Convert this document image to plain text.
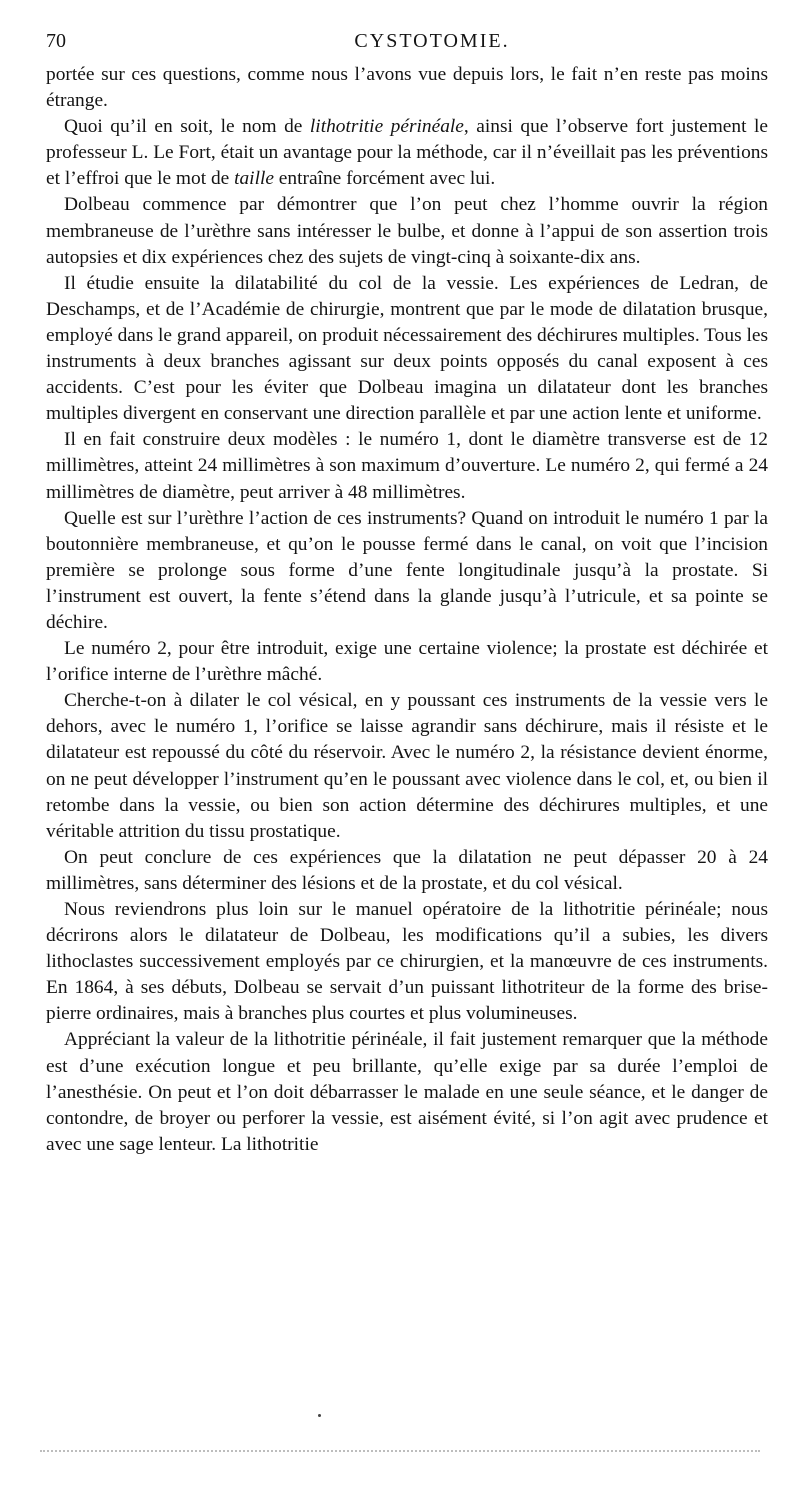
70	CYSTOTOMIE.

portée sur ces questions, comme nous l’avons vue depuis lors, le fait n’en reste pas moins étrange.

Quoi qu’il en soit, le nom de lithotritie périnéale, ainsi que l’observe fort justement le professeur L. Le Fort, était un avantage pour la méthode, car il n’éveillait pas les préventions et l’effroi que le mot de taille entraîne forcément avec lui.

Dolbeau commence par démontrer que l’on peut chez l’homme ouvrir la région membraneuse de l’urèthre sans intéresser le bulbe, et donne à l’appui de son assertion trois autopsies et dix expériences chez des sujets de vingt-cinq à soixante-dix ans.

Il étudie ensuite la dilatabilité du col de la vessie. Les expériences de Ledran, de Deschamps, et de l’Académie de chirurgie, montrent que par le mode de dilatation brusque, employé dans le grand appareil, on produit nécessairement des déchirures multiples. Tous les instruments à deux branches agissant sur deux points opposés du canal exposent à ces accidents. C’est pour les éviter que Dolbeau imagina un dilatateur dont les branches multiples divergent en conservant une direction parallèle et par une action lente et uniforme.

Il en fait construire deux modèles : le numéro 1, dont le diamètre transverse est de 12 millimètres, atteint 24 millimètres à son maximum d’ouverture. Le numéro 2, qui fermé a 24 millimètres de diamètre, peut arriver à 48 millimètres.

Quelle est sur l’urèthre l’action de ces instruments? Quand on introduit le numéro 1 par la boutonnière membraneuse, et qu’on le pousse fermé dans le canal, on voit que l’incision première se prolonge sous forme d’une fente longitudinale jusqu’à la prostate. Si l’instrument est ouvert, la fente s’étend dans la glande jusqu’à l’utricule, et sa pointe se déchire.

Le numéro 2, pour être introduit, exige une certaine violence; la prostate est déchirée et l’orifice interne de l’urèthre mâché.

Cherche-t-on à dilater le col vésical, en y poussant ces instruments de la vessie vers le dehors, avec le numéro 1, l’orifice se laisse agrandir sans déchirure, mais il résiste et le dilatateur est repoussé du côté du réservoir. Avec le numéro 2, la résistance devient énorme, on ne peut développer l’instrument qu’en le poussant avec violence dans le col, et, ou bien il retombe dans la vessie, ou bien son action détermine des déchirures multiples, et une véritable attrition du tissu prostatique.

On peut conclure de ces expériences que la dilatation ne peut dépasser 20 à 24 millimètres, sans déterminer des lésions et de la prostate, et du col vésical.

Nous reviendrons plus loin sur le manuel opératoire de la lithotritie périnéale; nous décrirons alors le dilatateur de Dolbeau, les modifications qu’il a subies, les divers lithoclastes successivement employés par ce chirurgien, et la manœuvre de ces instruments. En 1864, à ses débuts, Dolbeau se servait d’un puissant lithotriteur de la forme des brise-pierre ordinaires, mais à branches plus courtes et plus volumineuses.

Appréciant la valeur de la lithotritie périnéale, il fait justement remarquer que la méthode est d’une exécution longue et peu brillante, qu’elle exige par sa durée l’emploi de l’anesthésie. On peut et l’on doit débarrasser le malade en une seule séance, et le danger de contondre, de broyer ou perforer la vessie, est aisément évité, si l’on agit avec prudence et avec une sage lenteur. La lithotritie
